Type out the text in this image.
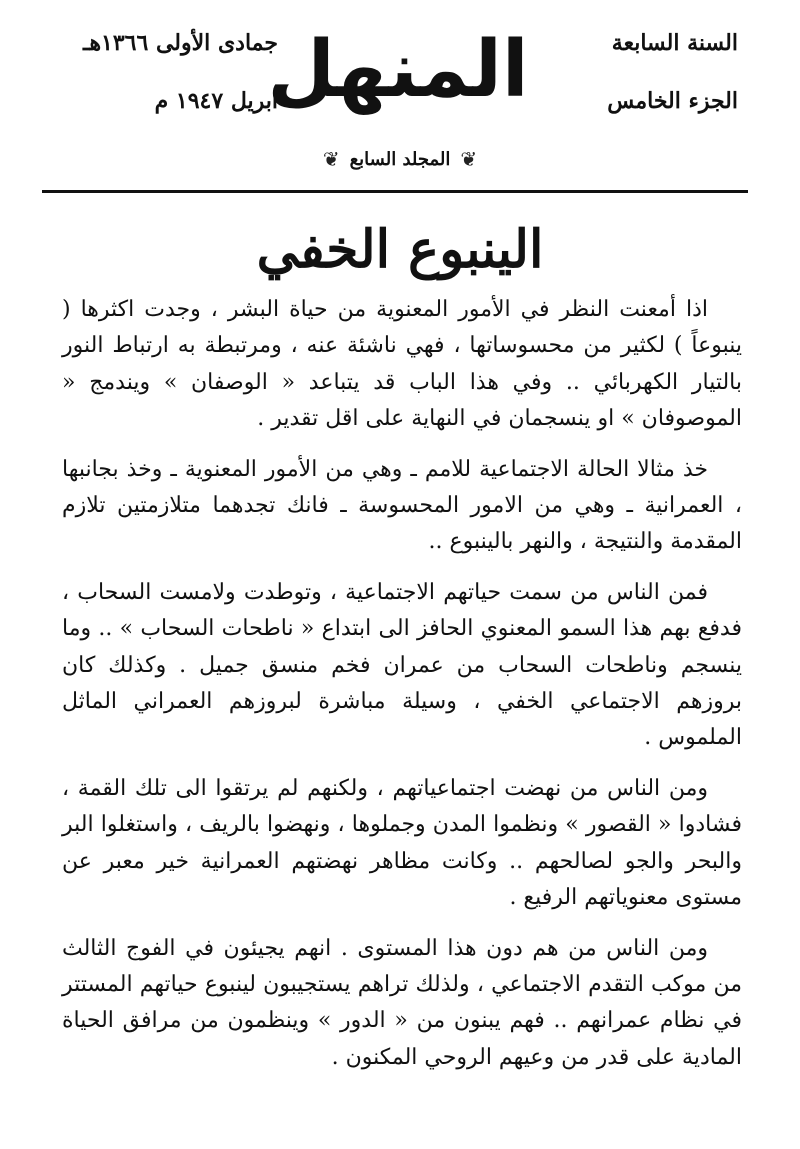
السنة السابعة
الجزء الخامس
المنهل
جمادى الأولى ١٣٦٦هـ
ابريل ١٩٤٧ م
❦
المجلد السابع
❦
الينبوع الخفي

اذا أمعنت النظر في الأمور المعنوية من حياة البشر ، وجدت اكثرها ( ينبوعاً ) لكثير من محسوساتها ، فهي ناشئة عنه ، ومرتبطة به ارتباط النور بالتيار الكهربائي .. وفي هذا الباب قد يتباعد « الوصفان » ويندمج « الموصوفان » او ينسجمان في النهاية على اقل تقدير .

خذ مثالا الحالة الاجتماعية للامم ـ وهي من الأمور المعنوية ـ وخذ بجانبها ، العمرانية ـ وهي من الامور المحسوسة ـ فانك تجدهما متلازمتين تلازم المقدمة والنتيجة ، والنهر بالينبوع ..

فمن الناس من سمت حياتهم الاجتماعية ، وتوطدت ولامست السحاب ، فدفع بهم هذا السمو المعنوي الحافز الى ابتداع « ناطحات السحاب » .. وما ينسجم وناطحات السحاب من عمران فخم منسق جميل . وكذلك كان بروزهم الاجتماعي الخفي ، وسيلة مباشرة لبروزهم العمراني الماثل الملموس .

ومن الناس من نهضت اجتماعياتهم ، ولكنهم لم يرتقوا الى تلك القمة ، فشادوا « القصور » ونظموا المدن وجملوها ، ونهضوا بالريف ، واستغلوا البر والبحر والجو لصالحهم .. وكانت مظاهر نهضتهم العمرانية خير معبر عن مستوى معنوياتهم الرفيع .

ومن الناس من هم دون هذا المستوى . انهم يجيئون في الفوج الثالث من موكب التقدم الاجتماعي ، ولذلك تراهم يستجيبون لينبوع حياتهم المستتر في نظام عمرانهم .. فهم يبنون من « الدور » وينظمون من مرافق الحياة المادية على قدر من وعيهم الروحي المكنون .
